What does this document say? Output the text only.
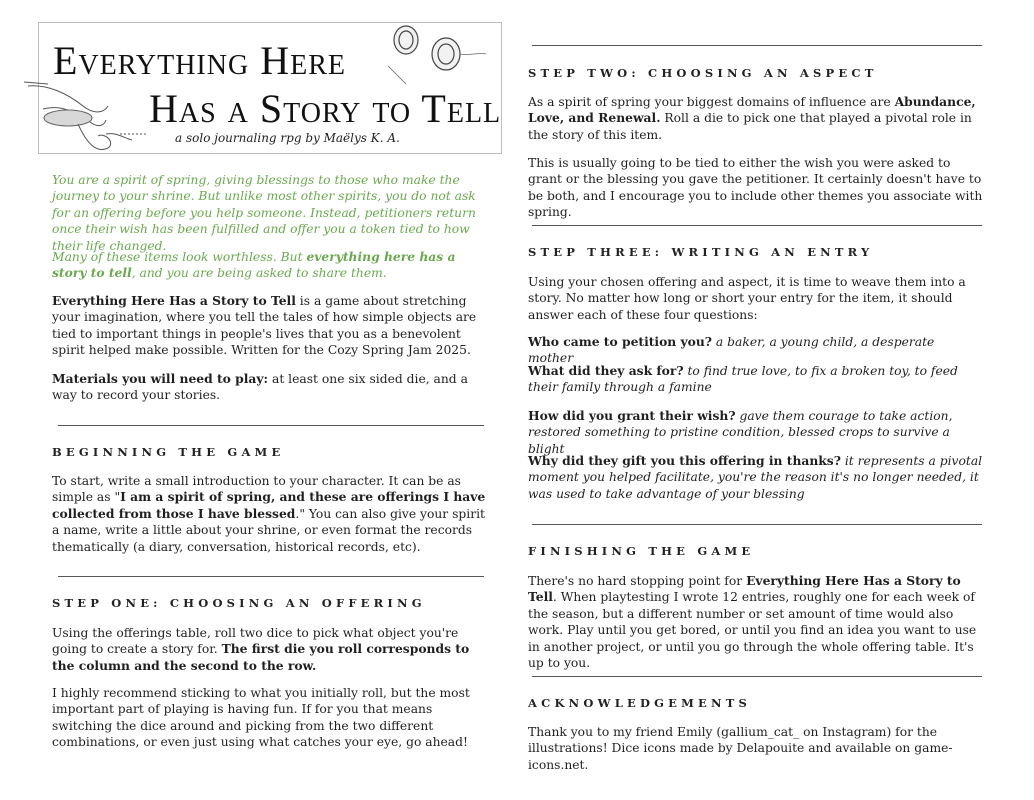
Everything Here
Has a Story to Tell
a solo journaling rpg by Maëlys K. A.

You are a spirit of spring, giving blessings to those who make the journey to your shrine. But unlike most other spirits, you do not ask for an offering before you help someone. Instead, petitioners return once their wish has been fulfilled and offer you a token tied to how their life changed.

Many of these items look worthless. But everything here has a story to tell, and you are being asked to share them.

Everything Here Has a Story to Tell is a game about stretching your imagination, where you tell the tales of how simple objects are tied to important things in people's lives that you as a benevolent spirit helped make possible. Written for the Cozy Spring Jam 2025.

Materials you will need to play: at least one six sided die, and a way to record your stories.

BEGINNING THE GAME

To start, write a small introduction to your character. It can be as simple as "I am a spirit of spring, and these are offerings I have collected from those I have blessed." You can also give your spirit a name, write a little about your shrine, or even format the records thematically (a diary, conversation, historical records, etc).

STEP ONE: CHOOSING AN OFFERING

Using the offerings table, roll two dice to pick what object you're going to create a story for. The first die you roll corresponds to the column and the second to the row.

I highly recommend sticking to what you initially roll, but the most important part of playing is having fun. If for you that means switching the dice around and picking from the two different combinations, or even just using what catches your eye, go ahead!

STEP TWO: CHOOSING AN ASPECT

As a spirit of spring your biggest domains of influence are Abundance, Love, and Renewal. Roll a die to pick one that played a pivotal role in the story of this item.

This is usually going to be tied to either the wish you were asked to grant or the blessing you gave the petitioner. It certainly doesn't have to be both, and I encourage you to include other themes you associate with spring.

STEP THREE: WRITING AN ENTRY

Using your chosen offering and aspect, it is time to weave them into a story. No matter how long or short your entry for the item, it should answer each of these four questions:

Who came to petition you? a baker, a young child, a desperate mother

What did they ask for? to find true love, to fix a broken toy, to feed their family through a famine

How did you grant their wish? gave them courage to take action, restored something to pristine condition, blessed crops to survive a blight

Why did they gift you this offering in thanks? it represents a pivotal moment you helped facilitate, you're the reason it's no longer needed, it was used to take advantage of your blessing

FINISHING THE GAME

There's no hard stopping point for Everything Here Has a Story to Tell. When playtesting I wrote 12 entries, roughly one for each week of the season, but a different number or set amount of time would also work. Play until you get bored, or until you find an idea you want to use in another project, or until you go through the whole offering table. It's up to you.

ACKNOWLEDGEMENTS

Thank you to my friend Emily (gallium_cat_ on Instagram) for the illustrations! Dice icons made by Delapouite and available on game-icons.net.
